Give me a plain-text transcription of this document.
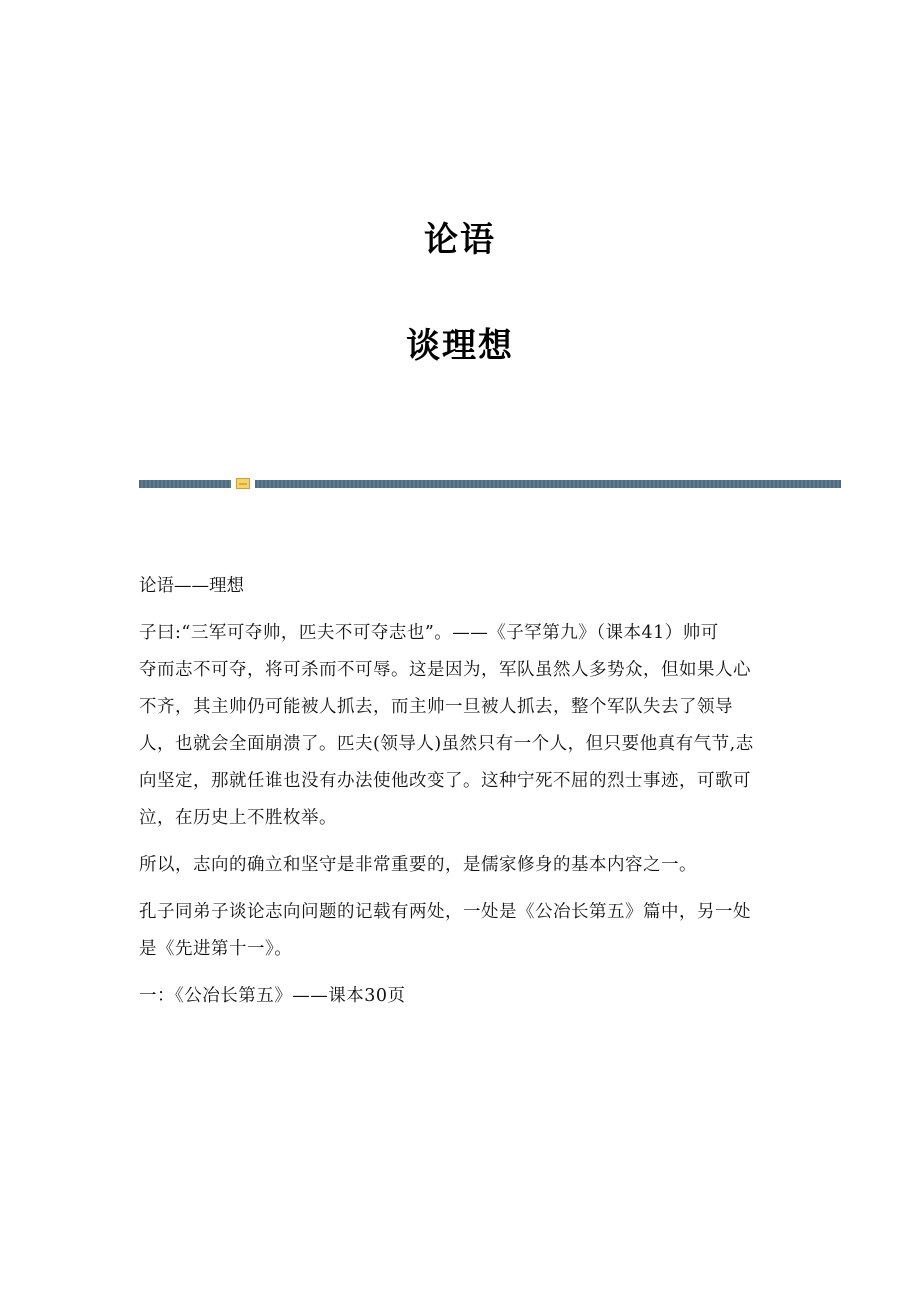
论语
谈理想

论语——理想

子曰:“三军可夺帅，匹夫不可夺志也”。——《子罕第九》（课本41）帅可

夺而志不可夺，将可杀而不可辱。这是因为，军队虽然人多势众，但如果人心

不齐，其主帅仍可能被人抓去，而主帅一旦被人抓去，整个军队失去了领导

人，也就会全面崩溃了。匹夫(领导人)虽然只有一个人，但只要他真有气节,志

向坚定，那就任谁也没有办法使他改变了。这种宁死不屈的烈士事迹，可歌可

泣，在历史上不胜枚举。

所以，志向的确立和坚守是非常重要的，是儒家修身的基本内容之一。

孔子同弟子谈论志向问题的记载有两处，一处是《公冶长第五》篇中，另一处

是《先进第十一》。

一：《公冶长第五》——课本30页
